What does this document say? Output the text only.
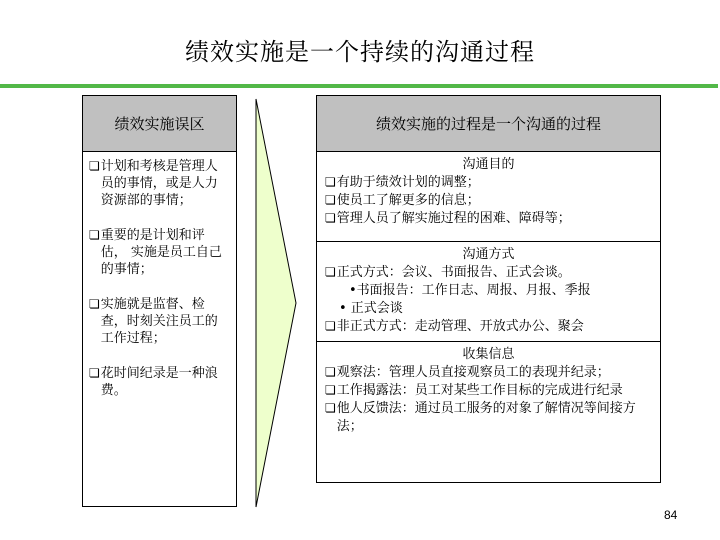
绩效实施是一个持续的沟通过程
绩效实施误区
❏ 计划和考核是管理人员的事情，或是人力资源部的事情；
❏ 重要的是计划和评估， 实施是员工自己的事情；
❏ 实施就是监督、检查，时刻关注员工的工作过程；
❏ 花时间纪录是一种浪费。
绩效实施的过程是一个沟通的过程
沟通目的
❏ 有助于绩效计划的调整；
❏ 使员工了解更多的信息；
❏ 管理人员了解实施过程的困难、障碍等；
沟通方式
❏ 正式方式：会议、书面报告、正式会谈。
•书面报告：工作日志、周报、月报、季报
• 正式会谈
❏ 非正式方式：走动管理、开放式办公、聚会
收集信息
❏ 观察法：管理人员直接观察员工的表现并纪录；
❏ 工作揭露法：员工对某些工作目标的完成进行纪录
❏ 他人反馈法：通过员工服务的对象了解情况等间接方法；
84
